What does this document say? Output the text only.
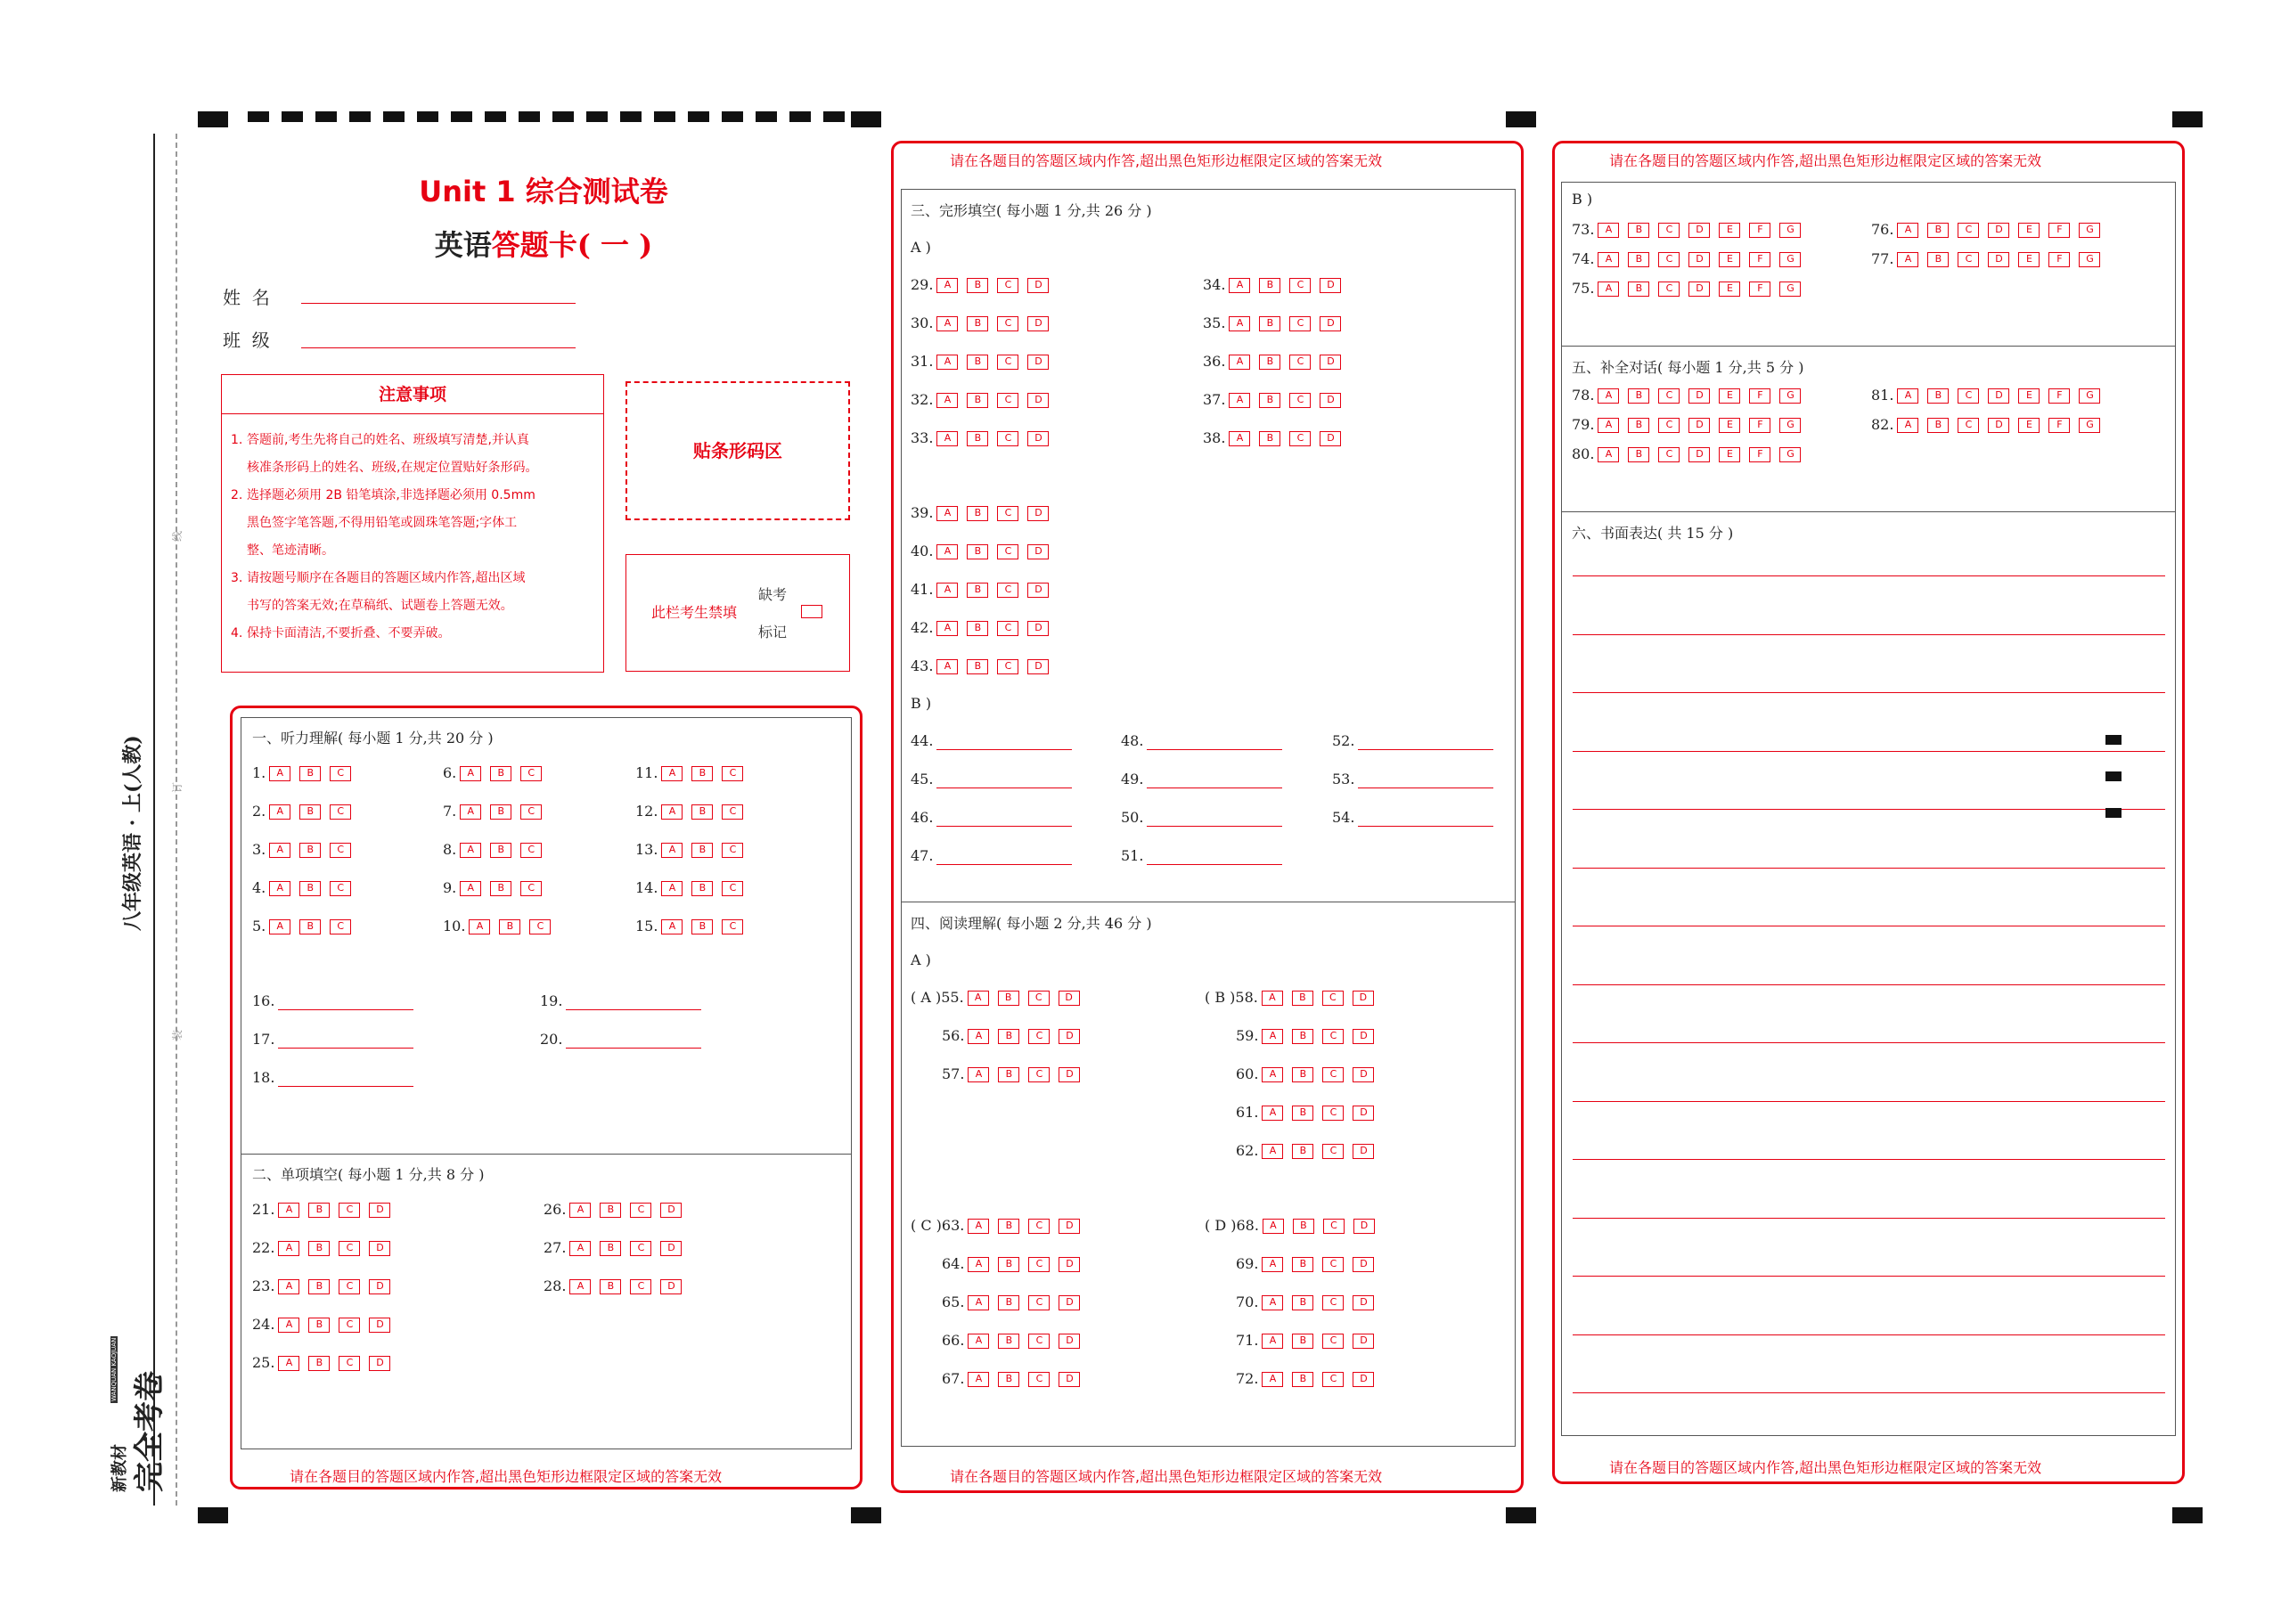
八年级英语 · 上(人教)
线
订
装
新教材 完全考卷
WANQUAN KAOJUAN
Unit 1 综合测试卷
英语答题卡( 一 )
姓  名
班  级
注意事项
1. 答题前,考生先将自己的姓名、班级填写清楚,并认真
核准条形码上的姓名、班级,在规定位置贴好条形码。
2. 选择题必须用 2B 铅笔填涂,非选择题必须用 0.5mm
黑色签字笔答题,不得用铅笔或圆珠笔答题;字体工
整、笔迹清晰。
3. 请按题号顺序在各题目的答题区域内作答,超出区域
书写的答案无效;在草稿纸、试题卷上答题无效。
4. 保持卡面清洁,不要折叠、不要弄破。
贴条形码区
此栏考生禁填
缺考
标记
请在各题目的答题区域内作答,超出黑色矩形边框限定区域的答案无效
一、听力理解( 每小题 1 分,共 20 分 )
二、单项填空( 每小题 1 分,共 8 分 )
请在各题目的答题区域内作答,超出黑色矩形边框限定区域的答案无效
请在各题目的答题区域内作答,超出黑色矩形边框限定区域的答案无效
三、完形填空( 每小题 1 分,共 26 分 )
A )
B )
四、阅读理解( 每小题 2 分,共 46 分 )
A )
请在各题目的答题区域内作答,超出黑色矩形边框限定区域的答案无效
请在各题目的答题区域内作答,超出黑色矩形边框限定区域的答案无效
B )
五、补全对话( 每小题 1 分,共 5 分 )
六、书面表达( 共 15 分 )
1. A B C
2. A B C
3. A B C
4. A B C
5. A B C
6. A B C
7. A B C
8. A B C
9. A B C
10. A B C
11. A B C
12. A B C
13. A B C
14. A B C
15. A B C
16.
17.
18.
19.
20.
21. A B C D
22. A B C D
23. A B C D
24. A B C D
25. A B C D
26. A B C D
27. A B C D
28. A B C D
29. A B C D
30. A B C D
31. A B C D
32. A B C D
33. A B C D
34. A B C D
35. A B C D
36. A B C D
37. A B C D
38. A B C D
39. A B C D
40. A B C D
41. A B C D
42. A B C D
43. A B C D
44.
45.
46.
47.
48.
49.
50.
51.
52.
53.
54.
( A )55. A B C D
56. A B C D
57. A B C D
( B )58. A B C D
59. A B C D
60. A B C D
61. A B C D
62. A B C D
( C )63. A B C D
64. A B C D
65. A B C D
66. A B C D
67. A B C D
( D )68. A B C D
69. A B C D
70. A B C D
71. A B C D
72. A B C D
73. A B C D E F G
74. A B C D E F G
75. A B C D E F G
76. A B C D E F G
77. A B C D E F G
78. A B C D E F G
79. A B C D E F G
80. A B C D E F G
81. A B C D E F G
82. A B C D E F G
